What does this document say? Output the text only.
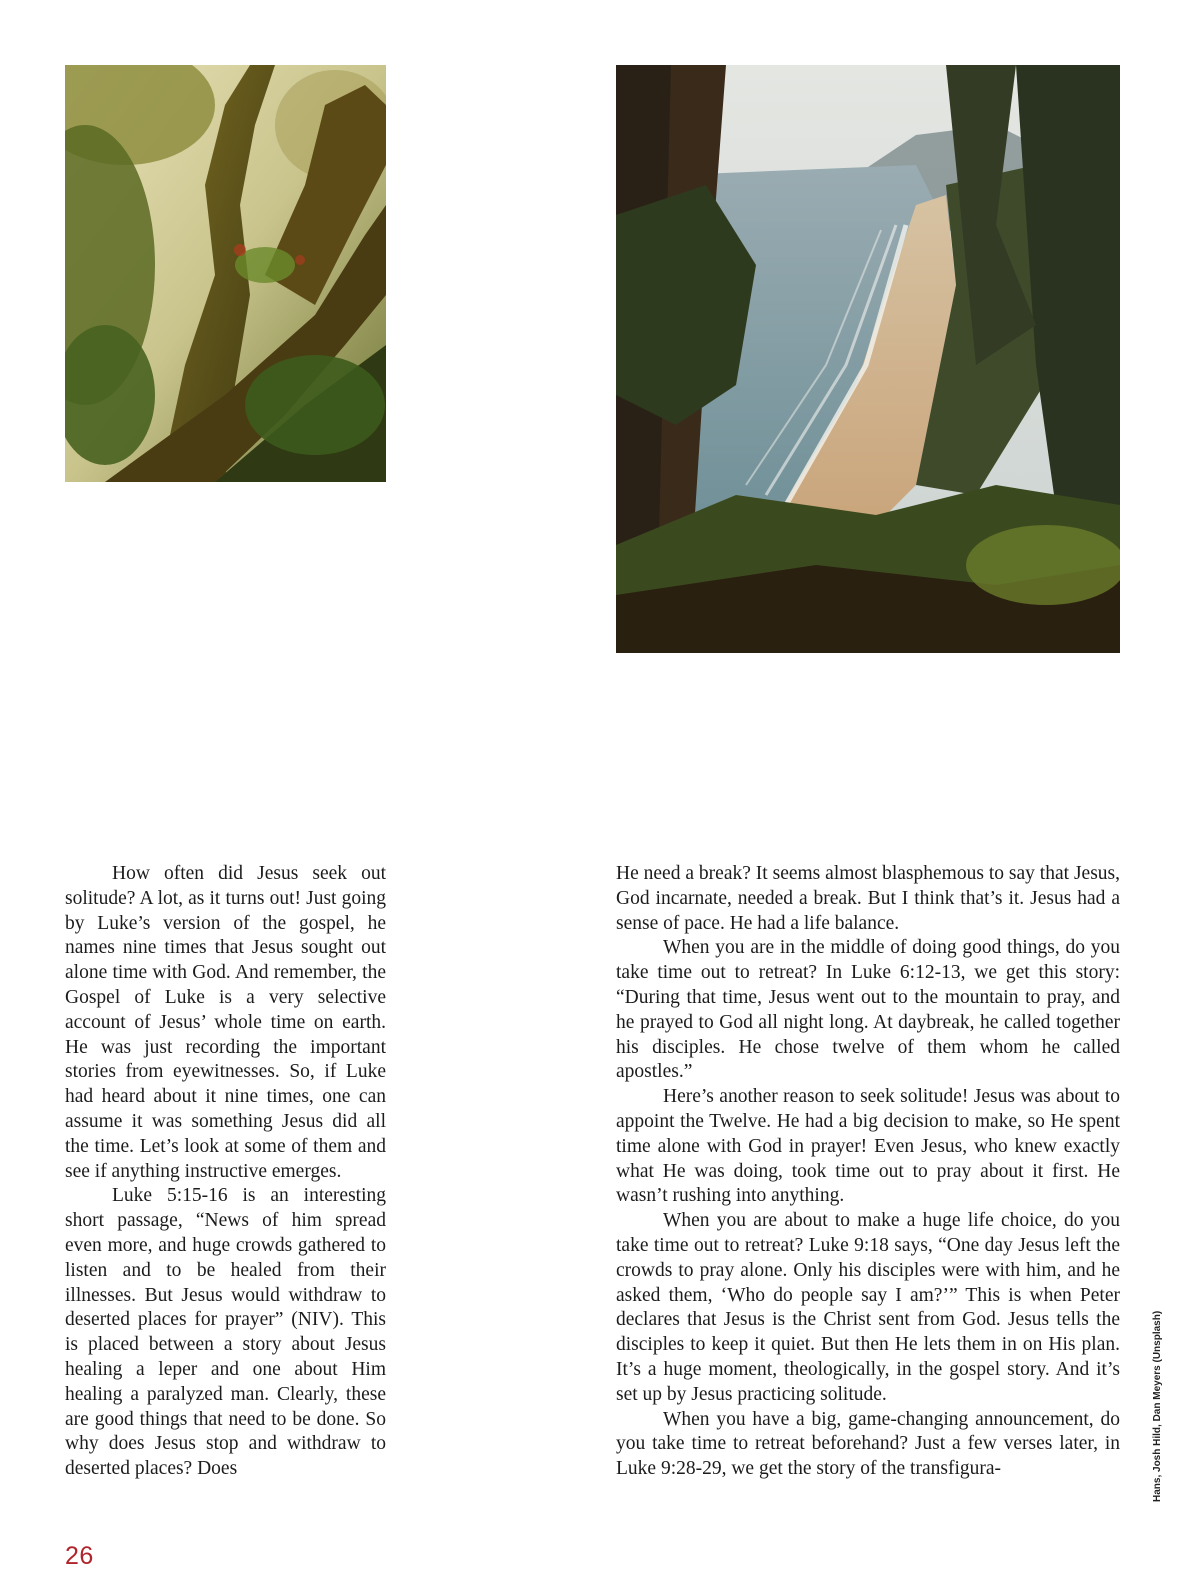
How often did Jesus seek out solitude? A lot, as it turns out! Just going by Luke’s version of the gospel, he names nine times that Jesus sought out alone time with God. And remember, the Gospel of Luke is a very selective account of Jesus’ whole time on earth. He was just recording the important stories from eyewitnesses. So, if Luke had heard about it nine times, one can assume it was something Jesus did all the time. Let’s look at some of them and see if anything instructive emerges.

Luke 5:15-16 is an interesting short passage, “News of him spread even more, and huge crowds gathered to listen and to be healed from their illnesses. But Jesus would withdraw to deserted places for prayer” (NIV). This is placed between a story about Jesus healing a leper and one about Him healing a paralyzed man. Clearly, these are good things that need to be done. So why does Jesus stop and withdraw to deserted places? Does

He need a break? It seems almost blasphemous to say that Jesus, God incarnate, needed a break. But I think that’s it. Jesus had a sense of pace. He had a life balance.

When you are in the middle of doing good things, do you take time out to retreat? In Luke 6:12-13, we get this story: “During that time, Jesus went out to the mountain to pray, and he prayed to God all night long. At daybreak, he called together his disciples. He chose twelve of them whom he called apostles.”

Here’s another reason to seek solitude! Jesus was about to appoint the Twelve. He had a big decision to make, so He spent time alone with God in prayer! Even Jesus, who knew exactly what He was doing, took time out to pray about it first. He wasn’t rushing into anything.

When you are about to make a huge life choice, do you take time out to retreat? Luke 9:18 says, “One day Jesus left the crowds to pray alone. Only his disciples were with him, and he asked them, ‘Who do people say I am?’” This is when Peter declares that Jesus is the Christ sent from God. Jesus tells the disciples to keep it quiet. But then He lets them in on His plan. It’s a huge moment, theologically, in the gospel story. And it’s set up by Jesus practicing solitude.

When you have a big, game-changing announcement, do you take time to retreat beforehand? Just a few verses later, in Luke 9:28-29, we get the story of the transfigura-

26
Hans, Josh Hild, Dan Meyers (Unsplash)
